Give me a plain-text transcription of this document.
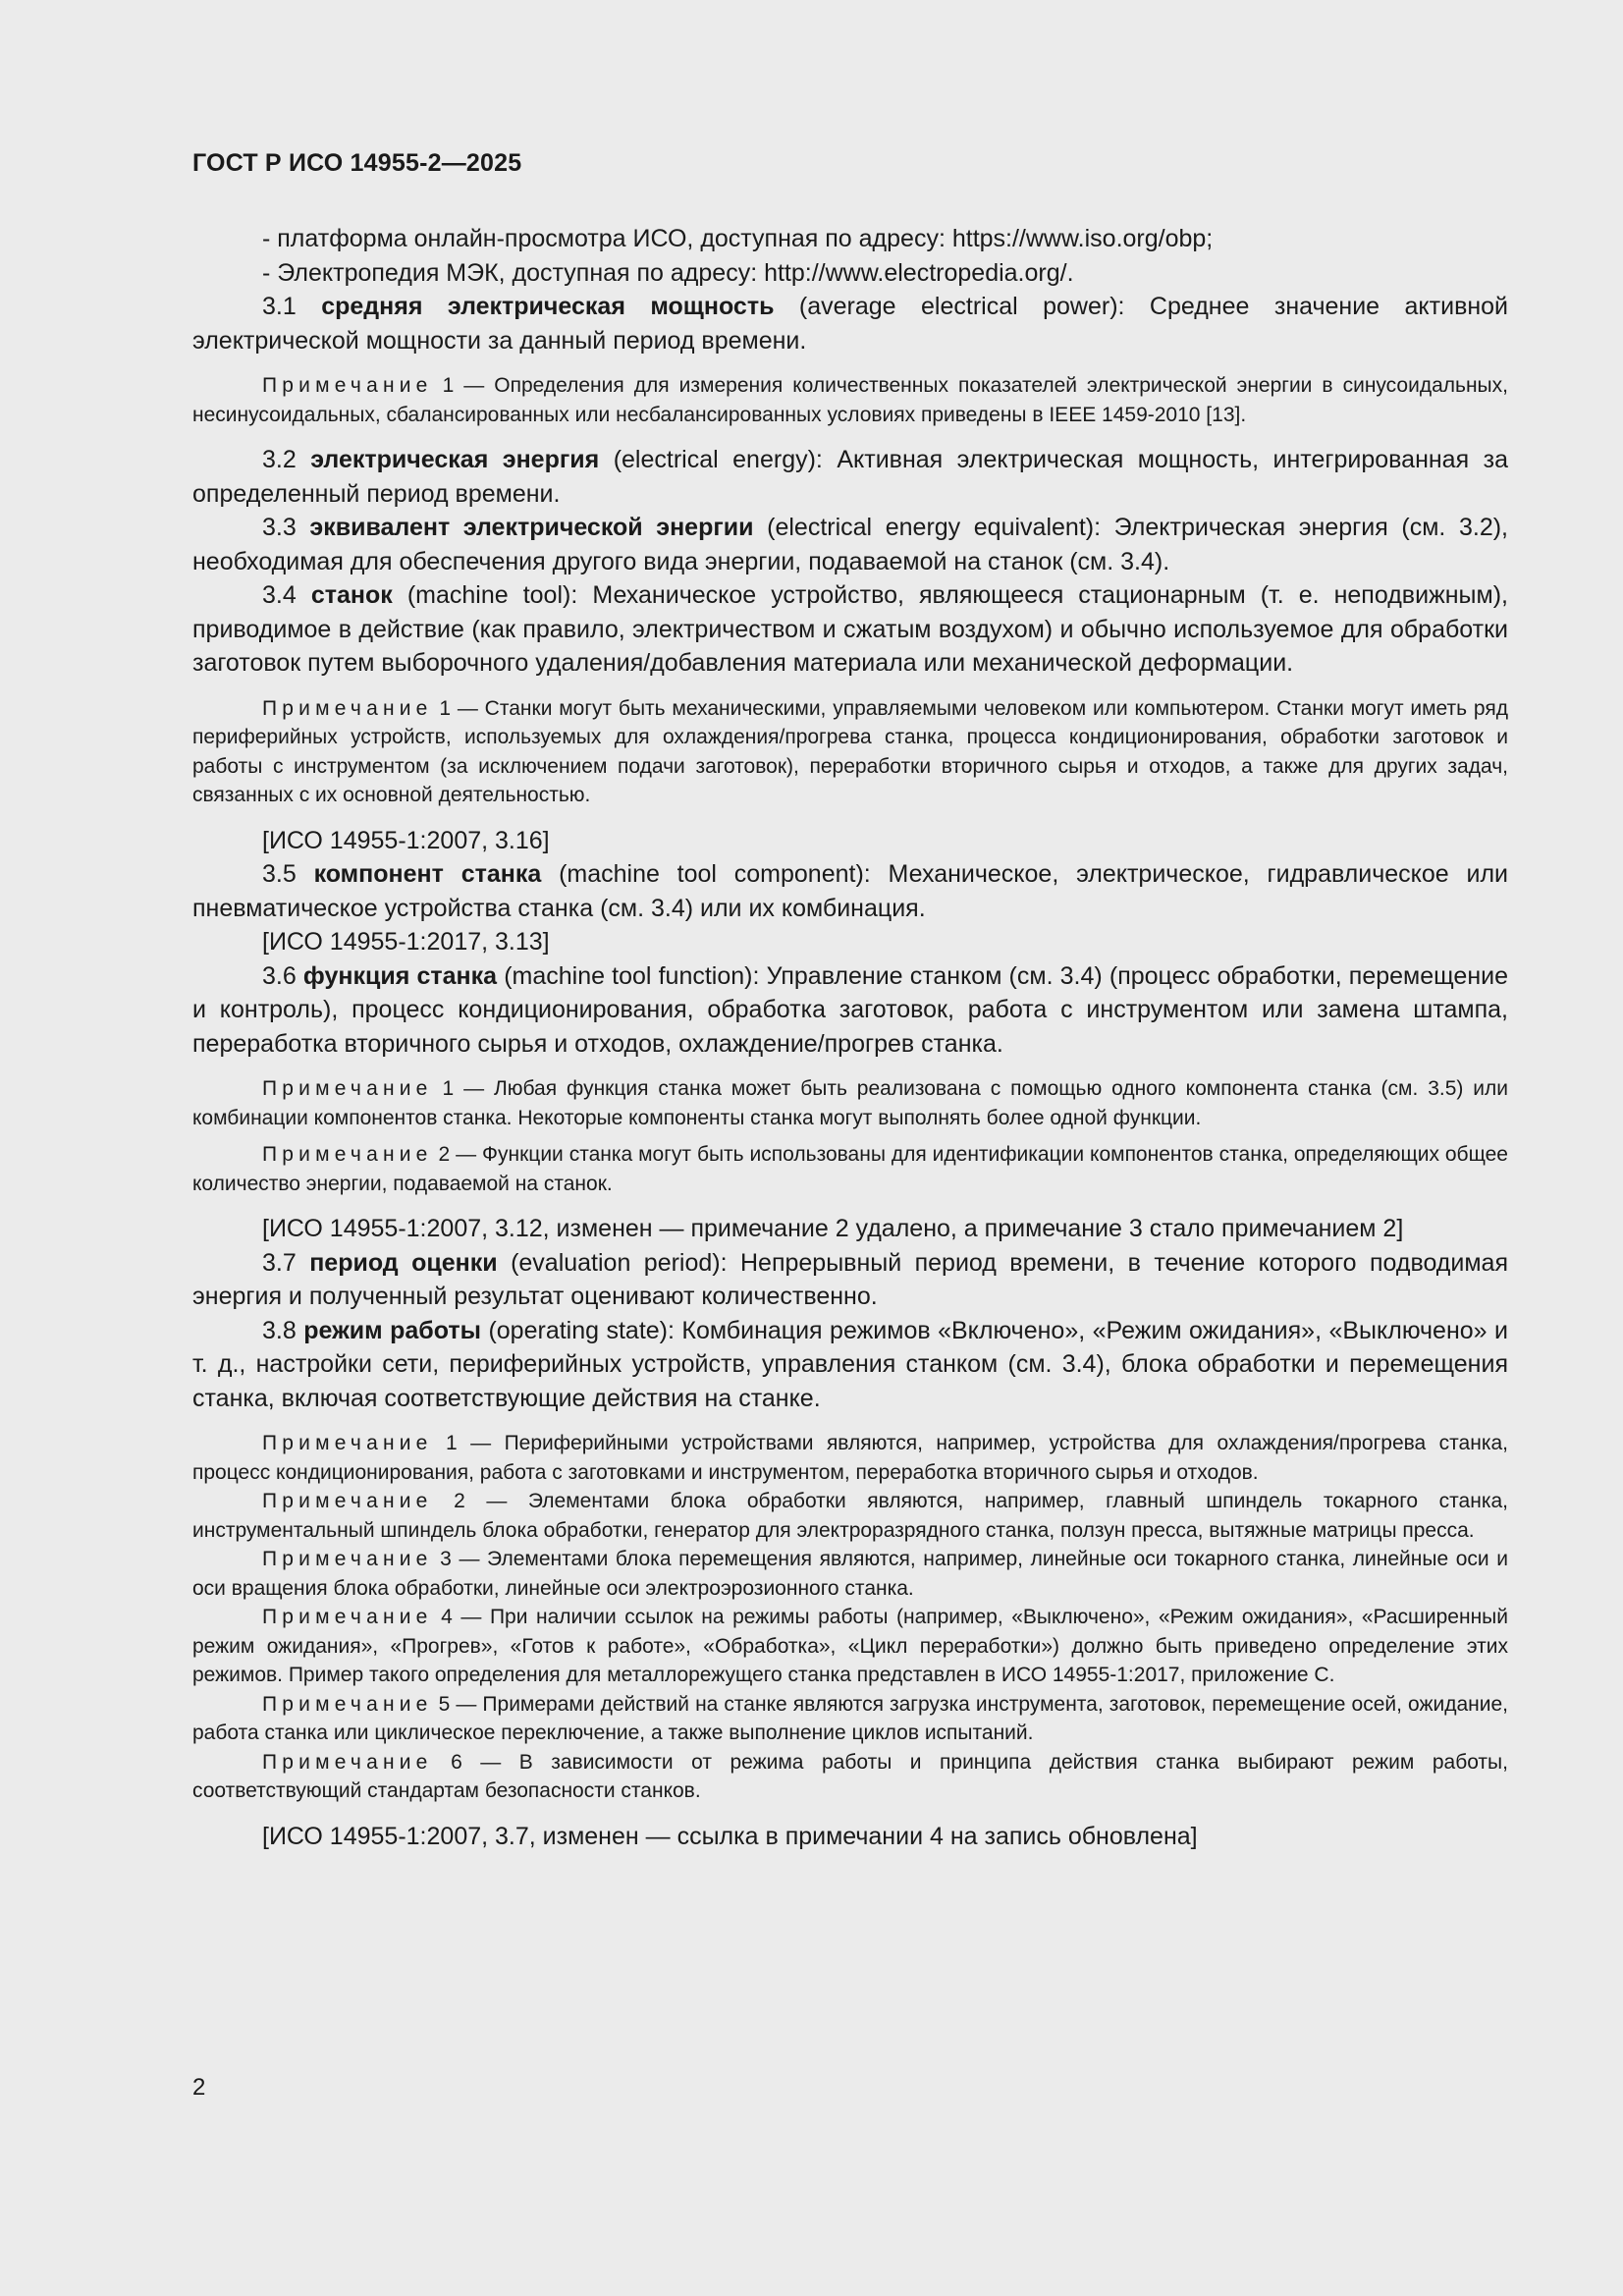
ГОСТ Р ИСО 14955-2—2025

- платформа онлайн-просмотра ИСО, доступная по адресу: https://www.iso.org/obp;

- Электропедия МЭК, доступная по адресу: http://www.electropedia.org/.

3.1 средняя электрическая мощность (average electrical power): Среднее значение активной электрической мощности за данный период времени.

Примечание 1 — Определения для измерения количественных показателей электрической энергии в синусоидальных, несинусоидальных, сбалансированных или несбалансированных условиях приведены в IEEE 1459-2010 [13].

3.2 электрическая энергия (electrical energy): Активная электрическая мощность, интегрированная за определенный период времени.

3.3 эквивалент электрической энергии (electrical energy equivalent): Электрическая энергия (см. 3.2), необходимая для обеспечения другого вида энергии, подаваемой на станок (см. 3.4).

3.4 станок (machine tool): Механическое устройство, являющееся стационарным (т. е. неподвижным), приводимое в действие (как правило, электричеством и сжатым воздухом) и обычно используемое для обработки заготовок путем выборочного удаления/добавления материала или механической деформации.

Примечание 1 — Станки могут быть механическими, управляемыми человеком или компьютером. Станки могут иметь ряд периферийных устройств, используемых для охлаждения/прогрева станка, процесса кондиционирования, обработки заготовок и работы с инструментом (за исключением подачи заготовок), переработки вторичного сырья и отходов, а также для других задач, связанных с их основной деятельностью.

[ИСО 14955-1:2007, 3.16]

3.5 компонент станка (machine tool component): Механическое, электрическое, гидравлическое или пневматическое устройства станка (см. 3.4) или их комбинация.

[ИСО 14955-1:2017, 3.13]

3.6 функция станка (machine tool function): Управление станком (см. 3.4) (процесс обработки, перемещение и контроль), процесс кондиционирования, обработка заготовок, работа с инструментом или замена штампа, переработка вторичного сырья и отходов, охлаждение/прогрев станка.

Примечание 1 — Любая функция станка может быть реализована с помощью одного компонента станка (см. 3.5) или комбинации компонентов станка. Некоторые компоненты станка могут выполнять более одной функции.

Примечание 2 — Функции станка могут быть использованы для идентификации компонентов станка, определяющих общее количество энергии, подаваемой на станок.

[ИСО 14955-1:2007, 3.12, изменен — примечание 2 удалено, а примечание 3 стало примечанием 2]

3.7 период оценки (evaluation period): Непрерывный период времени, в течение которого подводимая энергия и полученный результат оценивают количественно.

3.8 режим работы (operating state): Комбинация режимов «Включено», «Режим ожидания», «Выключено» и т. д., настройки сети, периферийных устройств, управления станком (см. 3.4), блока обработки и перемещения станка, включая соответствующие действия на станке.

Примечание 1 — Периферийными устройствами являются, например, устройства для охлаждения/прогрева станка, процесс кондиционирования, работа с заготовками и инструментом, переработка вторичного сырья и отходов.

Примечание 2 — Элементами блока обработки являются, например, главный шпиндель токарного станка, инструментальный шпиндель блока обработки, генератор для электроразрядного станка, ползун пресса, вытяжные матрицы пресса.

Примечание 3 — Элементами блока перемещения являются, например, линейные оси токарного станка, линейные оси и оси вращения блока обработки, линейные оси электроэрозионного станка.

Примечание 4 — При наличии ссылок на режимы работы (например, «Выключено», «Режим ожидания», «Расширенный режим ожидания», «Прогрев», «Готов к работе», «Обработка», «Цикл переработки») должно быть приведено определение этих режимов. Пример такого определения для металлорежущего станка представлен в ИСО 14955-1:2017, приложение C.

Примечание 5 — Примерами действий на станке являются загрузка инструмента, заготовок, перемещение осей, ожидание, работа станка или циклическое переключение, а также выполнение циклов испытаний.

Примечание 6 — В зависимости от режима работы и принципа действия станка выбирают режим работы, соответствующий стандартам безопасности станков.

[ИСО 14955-1:2007, 3.7, изменен — ссылка в примечании 4 на запись обновлена]

2
